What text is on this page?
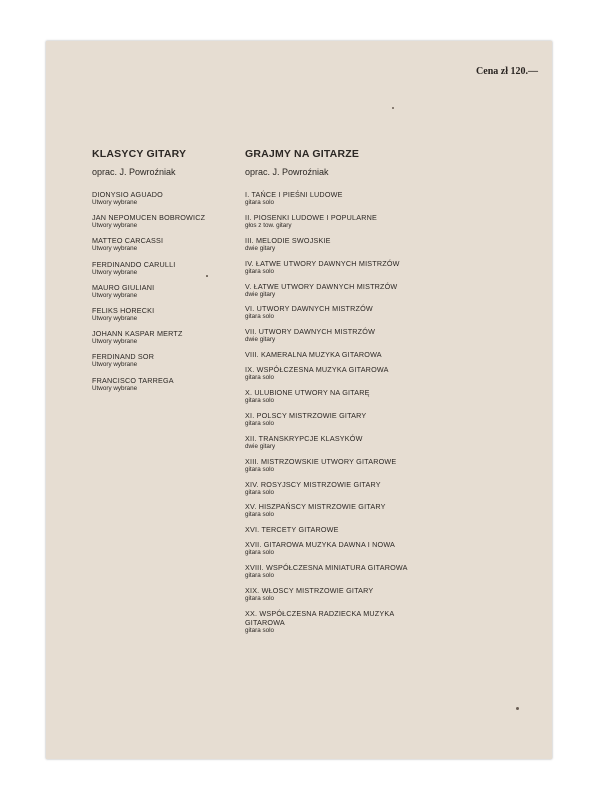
Cena zł 120.—
KLASYCY GITARY
oprac. J. Powroźniak
DIONYSIO AGUADO
Utwory wybrane
JAN NEPOMUCEN BOBROWICZ
Utwory wybrane
MATTEO CARCASSI
Utwory wybrane
FERDINANDO CARULLI
Utwory wybrane
MAURO GIULIANI
Utwory wybrane
FELIKS HORECKI
Utwory wybrane
JOHANN KASPAR MERTZ
Utwory wybrane
FERDINAND SOR
Utwory wybrane
FRANCISCO TARREGA
Utwory wybrane
GRAJMY NA GITARZE
oprac. J. Powroźniak
I. TAŃCE I PIEŚNI LUDOWE
gitara solo
II. PIOSENKI LUDOWE I POPULARNE
głos z tow. gitary
III. MELODIE SWOJSKIE
dwie gitary
IV. ŁATWE UTWORY DAWNYCH MISTRZÓW
gitara solo
V. ŁATWE UTWORY DAWNYCH MISTRZÓW
dwie gitary
VI. UTWORY DAWNYCH MISTRZÓW
gitara solo
VII. UTWORY DAWNYCH MISTRZÓW
dwie gitary
VIII. KAMERALNA MUZYKA GITAROWA
IX. WSPÓŁCZESNA MUZYKA GITAROWA
gitara solo
X. ULUBIONE UTWORY NA GITARĘ
gitara solo
XI. POLSCY MISTRZOWIE GITARY
gitara solo
XII. TRANSKRYPCJE KLASYKÓW
dwie gitary
XIII. MISTRZOWSKIE UTWORY GITAROWE
gitara solo
XIV. ROSYJSCY MISTRZOWIE GITARY
gitara solo
XV. HISZPAŃSCY MISTRZOWIE GITARY
gitara solo
XVI. TERCETY GITAROWE
XVII. GITAROWA MUZYKA DAWNA I NOWA
gitara solo
XVIII. WSPÓŁCZESNA MINIATURA GITAROWA
gitara solo
XIX. WŁOSCY MISTRZOWIE GITARY
gitara solo
XX. WSPÓŁCZESNA RADZIECKA MUZYKA GITAROWA
gitara solo
